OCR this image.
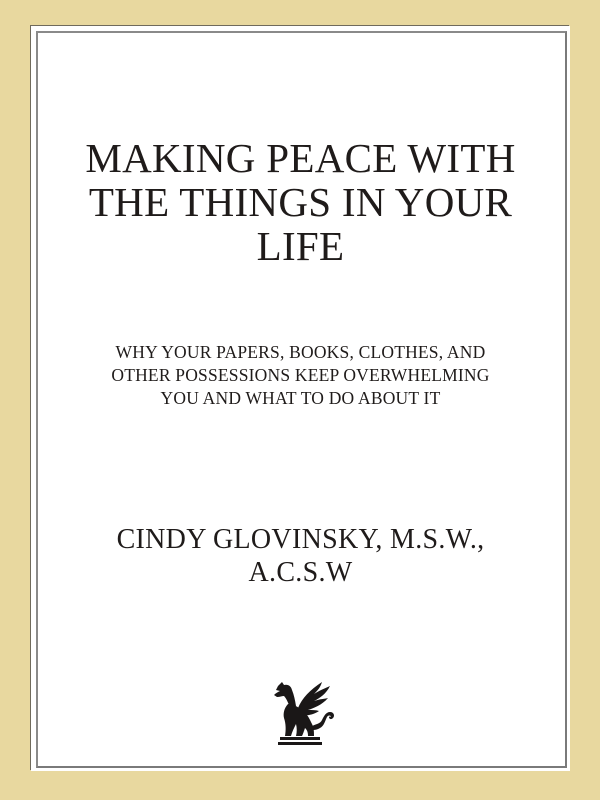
MAKING PEACE WITH
THE THINGS IN YOUR
LIFE

WHY YOUR PAPERS, BOOKS, CLOTHES, AND
OTHER POSSESSIONS KEEP OVERWHELMING
YOU AND WHAT TO DO ABOUT IT

CINDY GLOVINSKY, M.S.W.,
A.C.S.W
